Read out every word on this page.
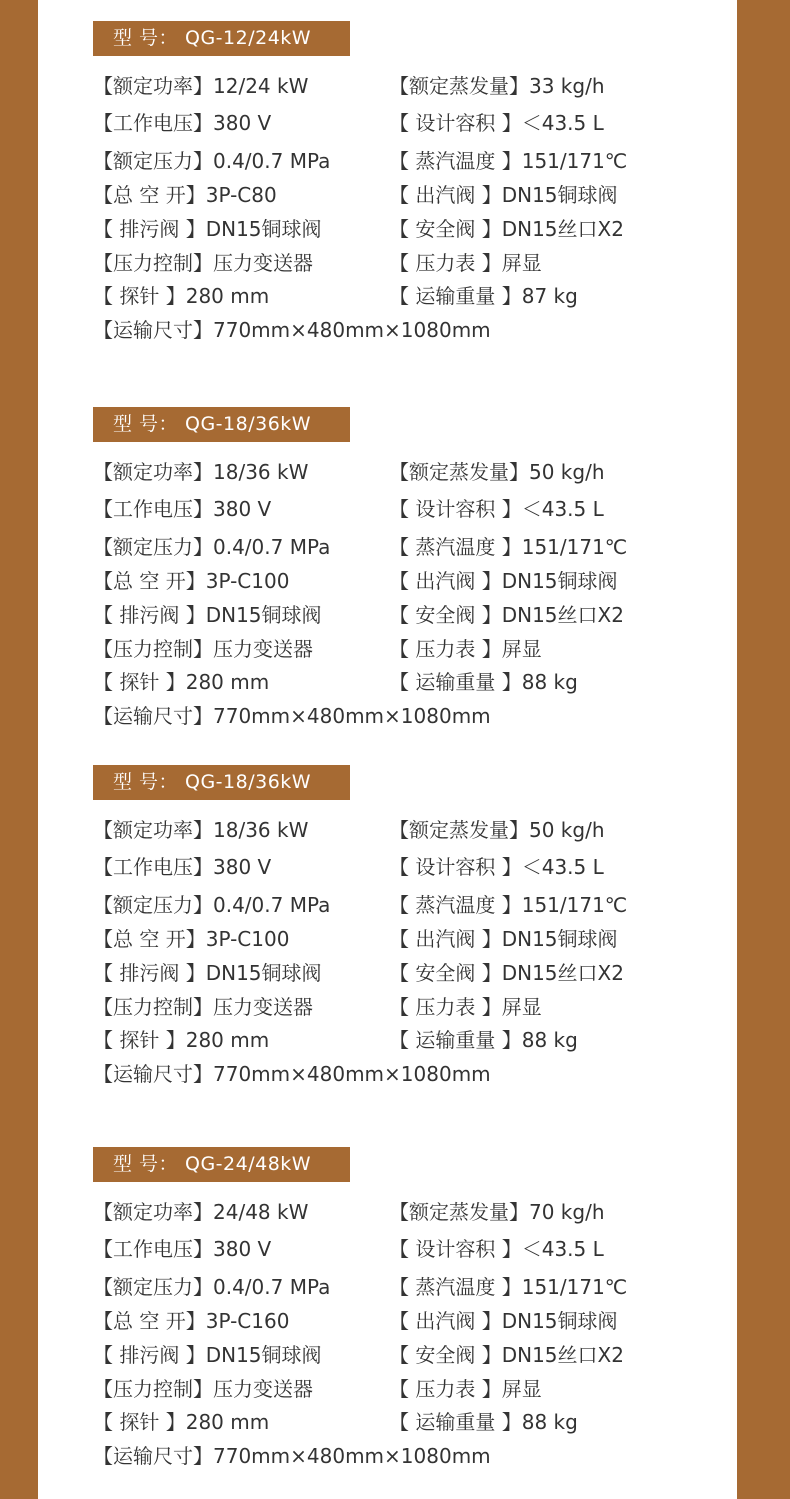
型 号： QG-12/24kW
【额定功率】12/24 kW	【额定蒸发量】33 kg/h
【工作电压】380 V	【 设计容积 】＜43.5 L
【额定压力】0.4/0.7 MPa	【 蒸汽温度 】151/171℃
【总 空 开】3P-C80	【 出汽阀 】DN15铜球阀
【 排污阀 】DN15铜球阀	【 安全阀 】DN15丝口X2
【压力控制】压力变送器	【 压力表 】屏显
【 探针 】280 mm	【 运输重量 】87 kg
【运输尺寸】770mm×480mm×1080mm
型 号： QG-18/36kW
【额定功率】18/36 kW	【额定蒸发量】50 kg/h
【工作电压】380 V	【 设计容积 】＜43.5 L
【额定压力】0.4/0.7 MPa	【 蒸汽温度 】151/171℃
【总 空 开】3P-C100	【 出汽阀 】DN15铜球阀
【 排污阀 】DN15铜球阀	【 安全阀 】DN15丝口X2
【压力控制】压力变送器	【 压力表 】屏显
【 探针 】280 mm	【 运输重量 】88 kg
【运输尺寸】770mm×480mm×1080mm
型 号： QG-18/36kW
【额定功率】18/36 kW	【额定蒸发量】50 kg/h
【工作电压】380 V	【 设计容积 】＜43.5 L
【额定压力】0.4/0.7 MPa	【 蒸汽温度 】151/171℃
【总 空 开】3P-C100	【 出汽阀 】DN15铜球阀
【 排污阀 】DN15铜球阀	【 安全阀 】DN15丝口X2
【压力控制】压力变送器	【 压力表 】屏显
【 探针 】280 mm	【 运输重量 】88 kg
【运输尺寸】770mm×480mm×1080mm
型 号： QG-24/48kW
【额定功率】24/48 kW	【额定蒸发量】70 kg/h
【工作电压】380 V	【 设计容积 】＜43.5 L
【额定压力】0.4/0.7 MPa	【 蒸汽温度 】151/171℃
【总 空 开】3P-C160	【 出汽阀 】DN15铜球阀
【 排污阀 】DN15铜球阀	【 安全阀 】DN15丝口X2
【压力控制】压力变送器	【 压力表 】屏显
【 探针 】280 mm	【 运输重量 】88 kg
【运输尺寸】770mm×480mm×1080mm
